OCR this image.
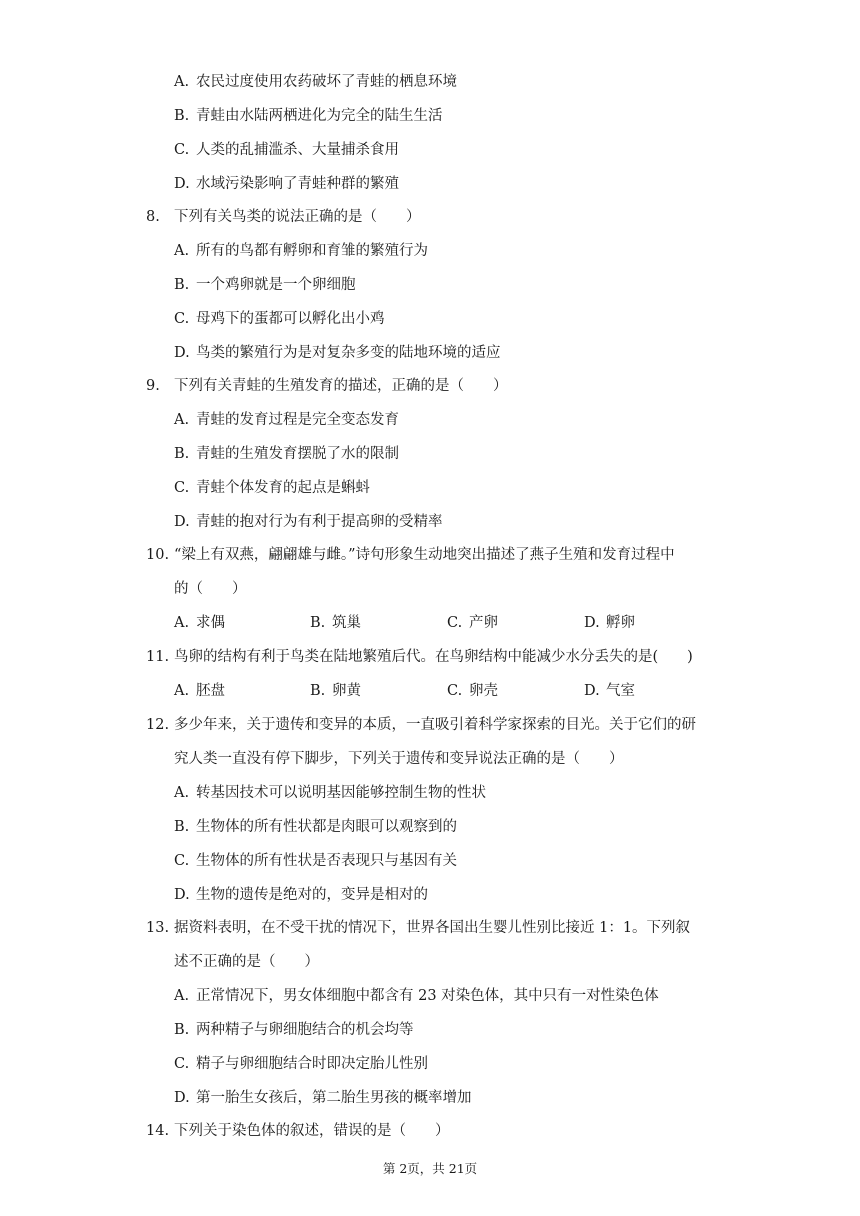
A. 农民过度使用农药破坏了青蛙的栖息环境
B. 青蛙由水陆两栖进化为完全的陆生生活
C. 人类的乱捕滥杀、大量捕杀食用
D. 水域污染影响了青蛙种群的繁殖
8. 下列有关鸟类的说法正确的是（　　）
A. 所有的鸟都有孵卵和育雏的繁殖行为
B. 一个鸡卵就是一个卵细胞
C. 母鸡下的蛋都可以孵化出小鸡
D. 鸟类的繁殖行为是对复杂多变的陆地环境的适应
9. 下列有关青蛙的生殖发育的描述，正确的是（　　）
A. 青蛙的发育过程是完全变态发育
B. 青蛙的生殖发育摆脱了水的限制
C. 青蛙个体发育的起点是蝌蚪
D. 青蛙的抱对行为有利于提高卵的受精率
10. “梁上有双燕，翩翩雄与雌。”诗句形象生动地突出描述了燕子生殖和发育过程中
的（　　）
A. 求偶	B. 筑巢	C. 产卵	D. 孵卵
11. 鸟卵的结构有利于鸟类在陆地繁殖后代。在鸟卵结构中能减少水分丢失的是(　　)
A. 胚盘	B. 卵黄	C. 卵壳	D. 气室
12. 多少年来，关于遗传和变异的本质，一直吸引着科学家探索的目光。关于它们的研
究人类一直没有停下脚步，下列关于遗传和变异说法正确的是（　　）
A. 转基因技术可以说明基因能够控制生物的性状
B. 生物体的所有性状都是肉眼可以观察到的
C. 生物体的所有性状是否表现只与基因有关
D. 生物的遗传是绝对的，变异是相对的
13. 据资料表明，在不受干扰的情况下，世界各国出生婴儿性别比接近 1：1。下列叙
述不正确的是（　　）
A. 正常情况下，男女体细胞中都含有 23 对染色体，其中只有一对性染色体
B. 两种精子与卵细胞结合的机会均等
C. 精子与卵细胞结合时即决定胎儿性别
D. 第一胎生女孩后，第二胎生男孩的概率增加
14. 下列关于染色体的叙述，错误的是（　　）
第 2页，共 21页
